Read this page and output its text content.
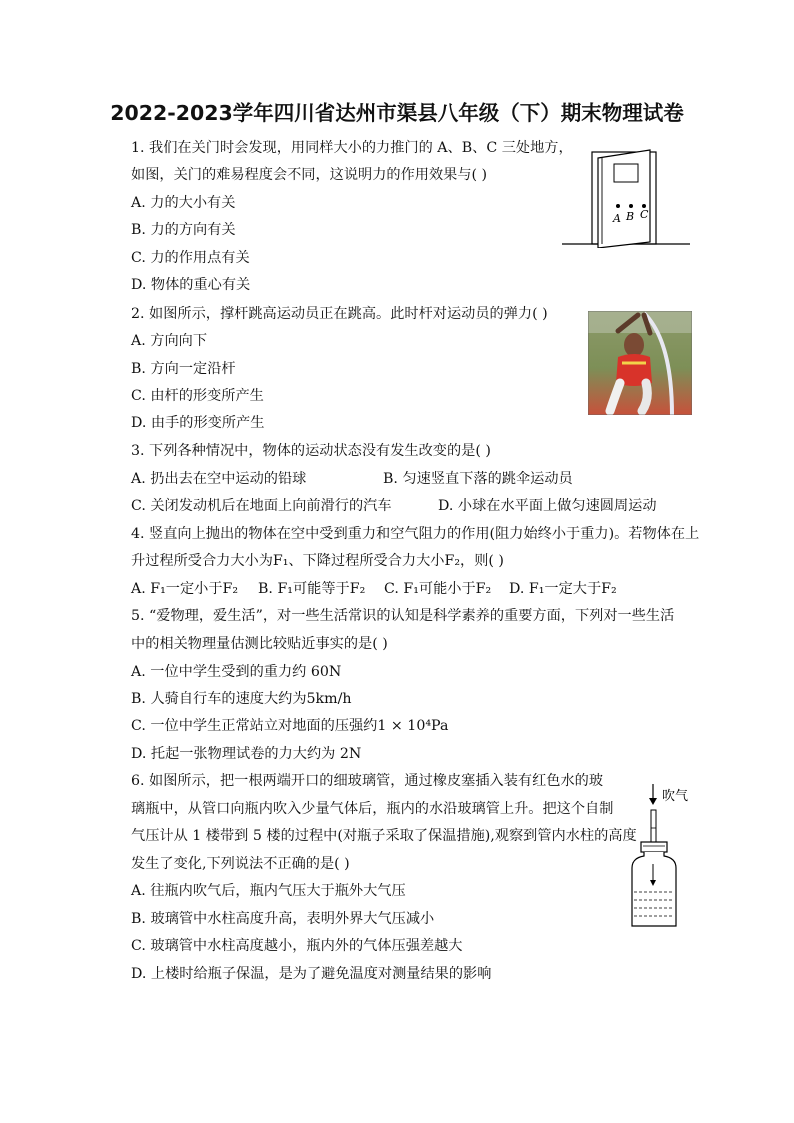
2022-2023学年四川省达州市渠县八年级（下）期末物理试卷
1. 我们在关门时会发现，用同样大小的力推门的 A、B、C 三处地方，
如图，关门的难易程度会不同，这说明力的作用效果与( )
A. 力的大小有关
B. 力的方向有关
C. 力的作用点有关
D. 物体的重心有关
A B C
2. 如图所示，撑杆跳高运动员正在跳高。此时杆对运动员的弹力( )
A. 方向向下
B. 方向一定沿杆
C. 由杆的形变所产生
D. 由手的形变所产生
3. 下列各种情况中，物体的运动状态没有发生改变的是( )
A. 扔出去在空中运动的铅球	B. 匀速竖直下落的跳伞运动员
C. 关闭发动机后在地面上向前滑行的汽车	D. 小球在水平面上做匀速圆周运动
4. 竖直向上抛出的物体在空中受到重力和空气阻力的作用(阻力始终小于重力)。若物体在上
升过程所受合力大小为F₁、下降过程所受合力大小F₂，则( )
A. F₁一定小于F₂ B. F₁可能等于F₂ C. F₁可能小于F₂ D. F₁一定大于F₂
5. “爱物理，爱生活”，对一些生活常识的认知是科学素养的重要方面，下列对一些生活
中的相关物理量估测比较贴近事实的是( )
A. 一位中学生受到的重力约 60N
B. 人骑自行车的速度大约为5km/h
C. 一位中学生正常站立对地面的压强约1 × 10⁴Pa
D. 托起一张物理试卷的力大约为 2N
6. 如图所示，把一根两端开口的细玻璃管，通过橡皮塞插入装有红色水的玻
璃瓶中，从管口向瓶内吹入少量气体后，瓶内的水沿玻璃管上升。把这个自制
气压计从 1 楼带到 5 楼的过程中(对瓶子采取了保温措施),观察到管内水柱的高度
发生了变化,下列说法不正确的是( )
A. 往瓶内吹气后，瓶内气压大于瓶外大气压
B. 玻璃管中水柱高度升高，表明外界大气压减小
C. 玻璃管中水柱高度越小，瓶内外的气体压强差越大
D. 上楼时给瓶子保温，是为了避免温度对测量结果的影响
吹气
